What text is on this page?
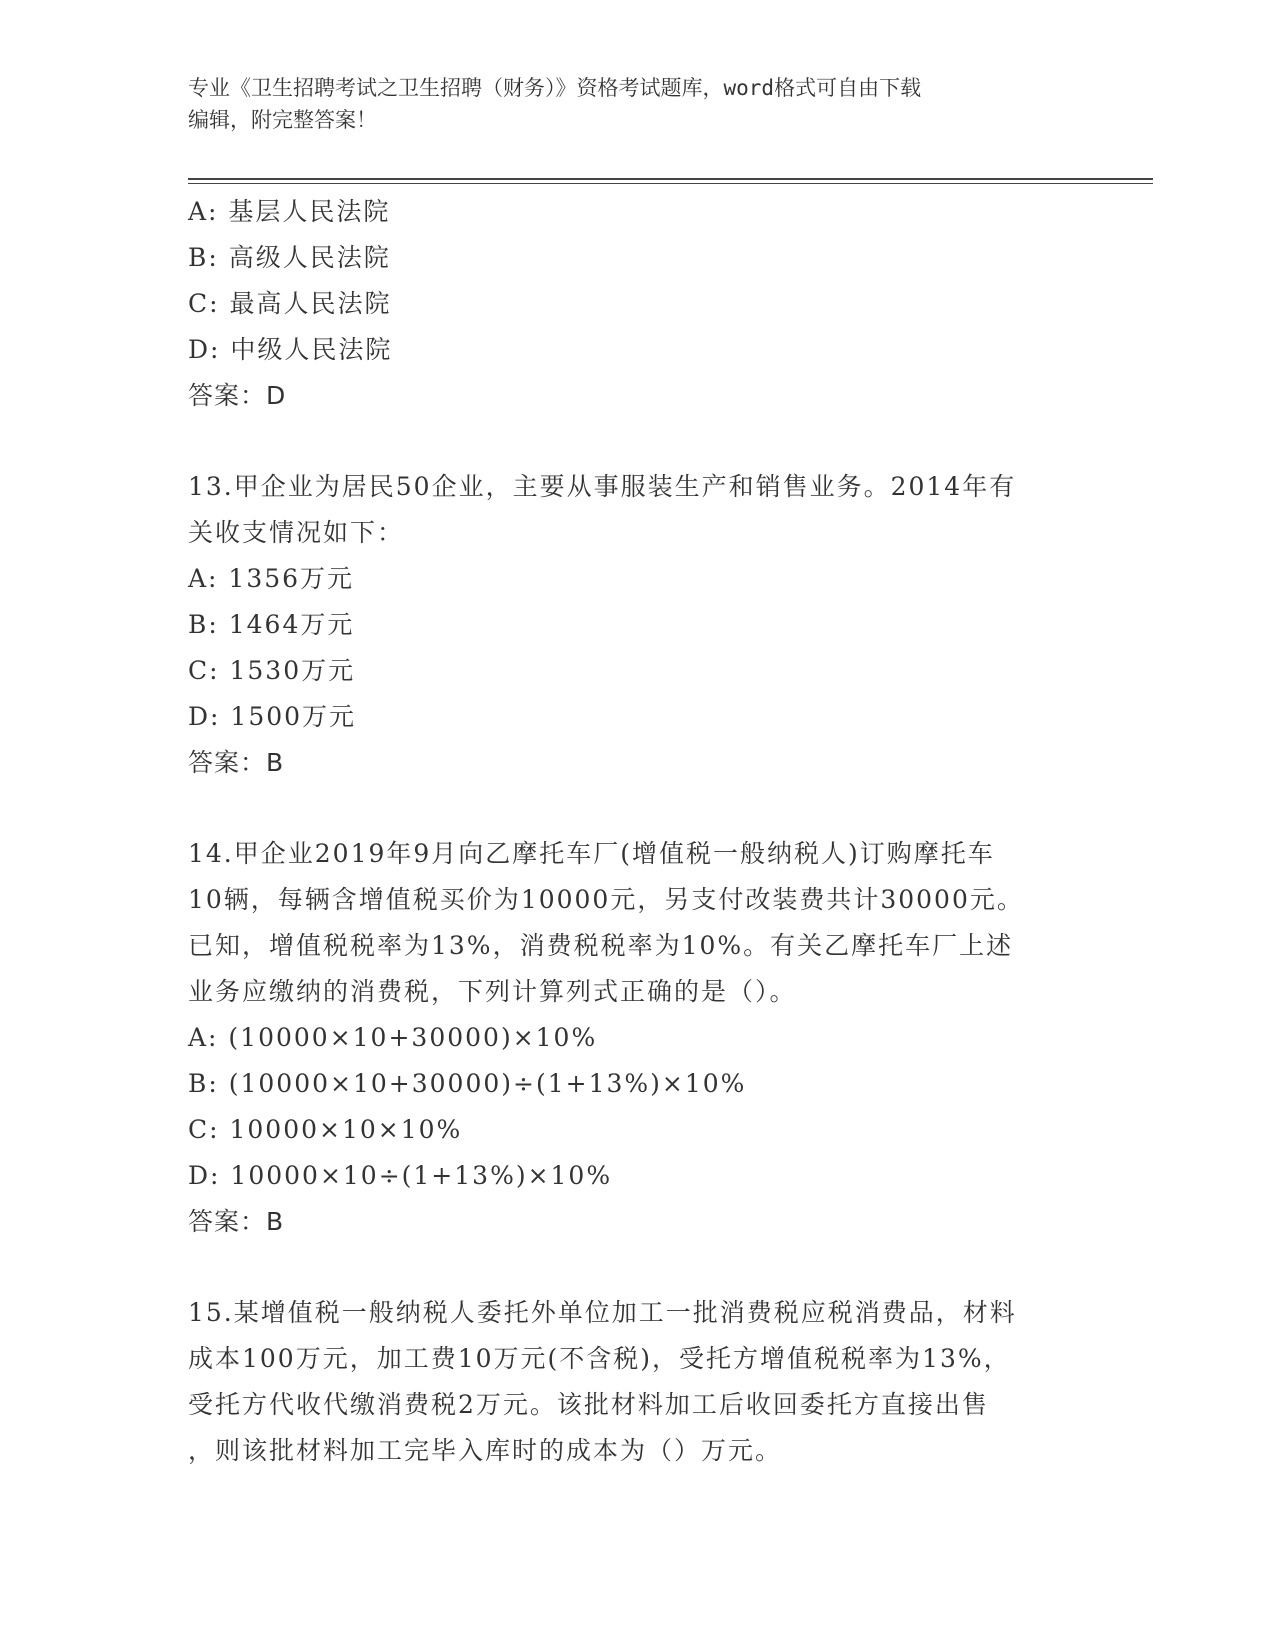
专业《卫生招聘考试之卫生招聘（财务）》资格考试题库，word格式可自由下载
编辑，附完整答案！
A: 基层人民法院
B: 高级人民法院
C: 最高人民法院
D: 中级人民法院
答案：D
13.甲企业为居民50企业，主要从事服装生产和销售业务。2014年有
关收支情况如下：
A: 1356万元
B: 1464万元
C: 1530万元
D: 1500万元
答案：B
14.甲企业2019年9月向乙摩托车厂(增值税一般纳税人)订购摩托车
10辆，每辆含增值税买价为10000元，另支付改装费共计30000元。
已知，增值税税率为13%，消费税税率为10%。有关乙摩托车厂上述
业务应缴纳的消费税，下列计算列式正确的是（）。
A: (10000×10+30000)×10%
B: (10000×10+30000)÷(1+13%)×10%
C: 10000×10×10%
D: 10000×10÷(1+13%)×10%
答案：B
15.某增值税一般纳税人委托外单位加工一批消费税应税消费品，材料
成本100万元，加工费10万元(不含税)，受托方增值税税率为13%，
受托方代收代缴消费税2万元。该批材料加工后收回委托方直接出售
，则该批材料加工完毕入库时的成本为（）万元。
